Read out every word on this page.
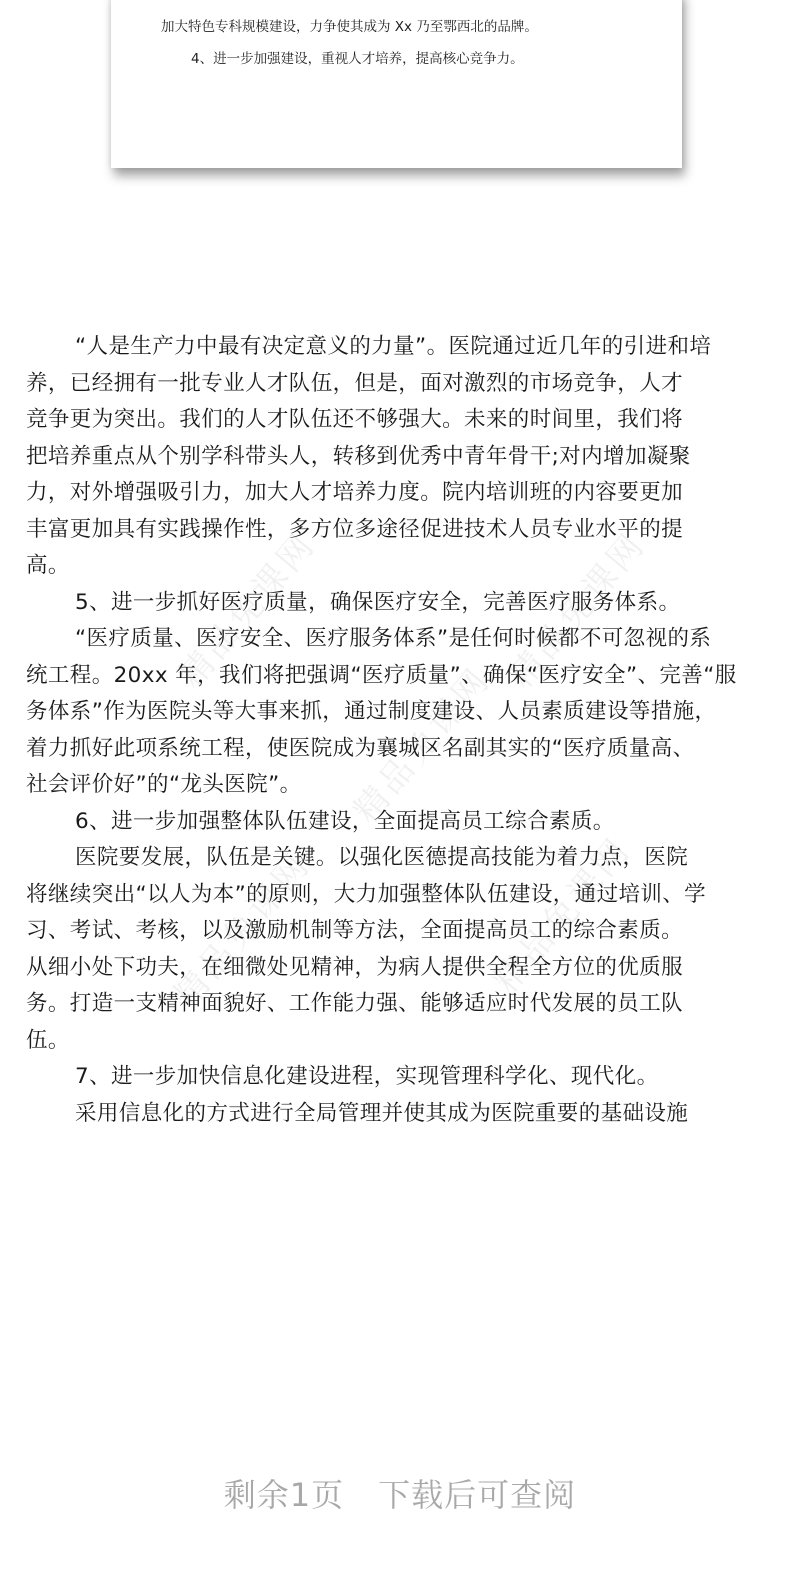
加大特色专科规模建设，力争使其成为 Xx 乃至鄂西北的品牌。
4、进一步加强建设，重视人才培养，提高核心竞争力。
精品免课网	精品免课网
精品免课网
精品免课网	精品免课网
“人是生产力中最有决定意义的力量”。医院通过近几年的引进和培
养，已经拥有一批专业人才队伍，但是，面对激烈的市场竞争，人才
竞争更为突出。我们的人才队伍还不够强大。未来的时间里，我们将
把培养重点从个别学科带头人，转移到优秀中青年骨干;对内增加凝聚
力，对外增强吸引力，加大人才培养力度。院内培训班的内容要更加
丰富更加具有实践操作性，多方位多途径促进技术人员专业水平的提
高。
5、进一步抓好医疗质量，确保医疗安全，完善医疗服务体系。
“医疗质量、医疗安全、医疗服务体系”是任何时候都不可忽视的系
统工程。20xx 年，我们将把强调“医疗质量”、确保“医疗安全”、完善“服
务体系”作为医院头等大事来抓，通过制度建设、人员素质建设等措施，
着力抓好此项系统工程，使医院成为襄城区名副其实的“医疗质量高、
社会评价好”的“龙头医院”。
6、进一步加强整体队伍建设，全面提高员工综合素质。
医院要发展，队伍是关键。以强化医德提高技能为着力点，医院
将继续突出“以人为本”的原则，大力加强整体队伍建设，通过培训、学
习、考试、考核，以及激励机制等方法，全面提高员工的综合素质。
从细小处下功夫，在细微处见精神，为病人提供全程全方位的优质服
务。打造一支精神面貌好、工作能力强、能够适应时代发展的员工队
伍。
7、进一步加快信息化建设进程，实现管理科学化、现代化。
采用信息化的方式进行全局管理并使其成为医院重要的基础设施
剩余1页 下载后可查阅
